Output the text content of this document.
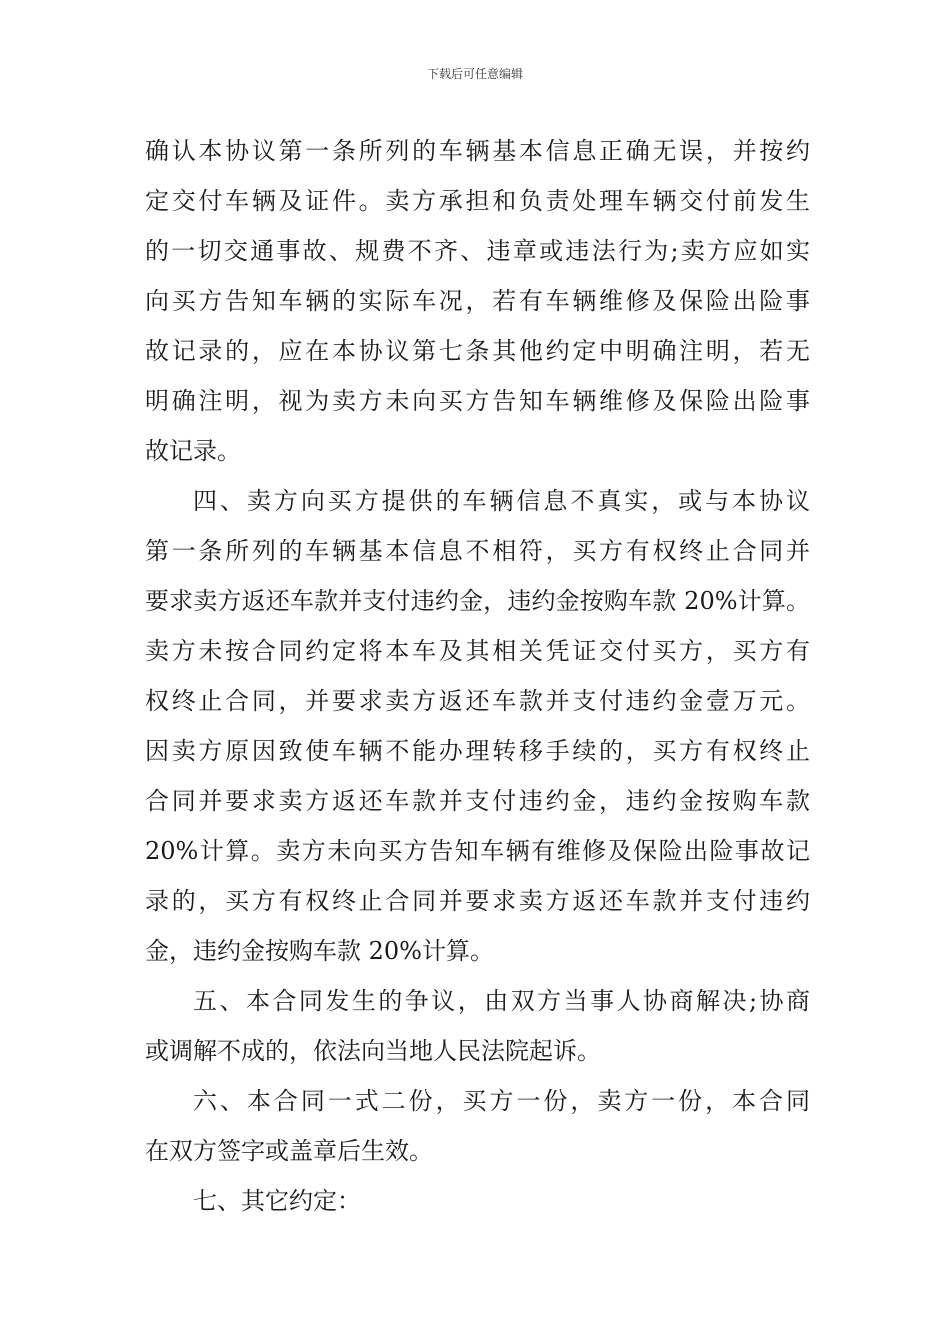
下载后可任意编辑
确认本协议第一条所列的车辆基本信息正确无误，并按约
定交付车辆及证件。卖方承担和负责处理车辆交付前发生
的一切交通事故、规费不齐、违章或违法行为;卖方应如实
向买方告知车辆的实际车况，若有车辆维修及保险出险事
故记录的，应在本协议第七条其他约定中明确注明，若无
明确注明，视为卖方未向买方告知车辆维修及保险出险事
故记录。
四、卖方向买方提供的车辆信息不真实，或与本协议
第一条所列的车辆基本信息不相符，买方有权终止合同并
要求卖方返还车款并支付违约金，违约金按购车款 20%计算。
卖方未按合同约定将本车及其相关凭证交付买方，买方有
权终止合同，并要求卖方返还车款并支付违约金壹万元。
因卖方原因致使车辆不能办理转移手续的，买方有权终止
合同并要求卖方返还车款并支付违约金，违约金按购车款
20%计算。卖方未向买方告知车辆有维修及保险出险事故记
录的，买方有权终止合同并要求卖方返还车款并支付违约
金，违约金按购车款 20%计算。
五、本合同发生的争议，由双方当事人协商解决;协商
或调解不成的，依法向当地人民法院起诉。
六、本合同一式二份，买方一份，卖方一份，本合同
在双方签字或盖章后生效。
七、其它约定：
